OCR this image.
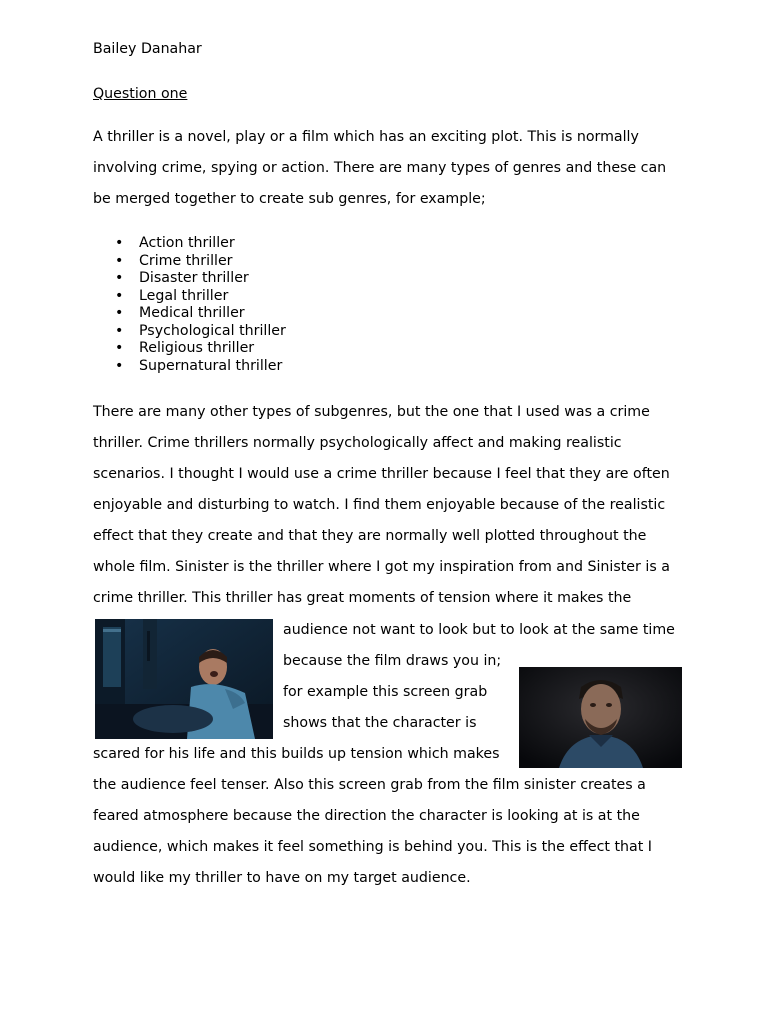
Bailey Danahar

Question one

A thriller is a novel, play or a film which has an exciting plot. This is normally

involving crime, spying or action. There are many types of genres and these can

be merged together to create sub genres, for example;

• Action thriller
• Crime thriller
• Disaster thriller
• Legal thriller
• Medical thriller
• Psychological thriller
• Religious thriller
• Supernatural thriller

There are many other types of subgenres, but the one that I used was a crime

thriller. Crime thrillers normally psychologically affect and making realistic

scenarios. I thought I would use a crime thriller because I feel that they are often

enjoyable and disturbing to watch. I find them enjoyable because of the realistic

effect that they create and that they are normally well plotted throughout the

whole film. Sinister is the thriller where I got my inspiration from and Sinister is a

crime thriller. This thriller has great moments of tension where it makes the

audience not want to look but to look at the same time

because the film draws you in;

for example this screen grab

shows that the character is

scared for his life and this builds up tension which makes

the audience feel tenser. Also this screen grab from the film sinister creates a

feared atmosphere because the direction the character is looking at is at the

audience, which makes it feel something is behind you. This is the effect that I

would like my thriller to have on my target audience.
